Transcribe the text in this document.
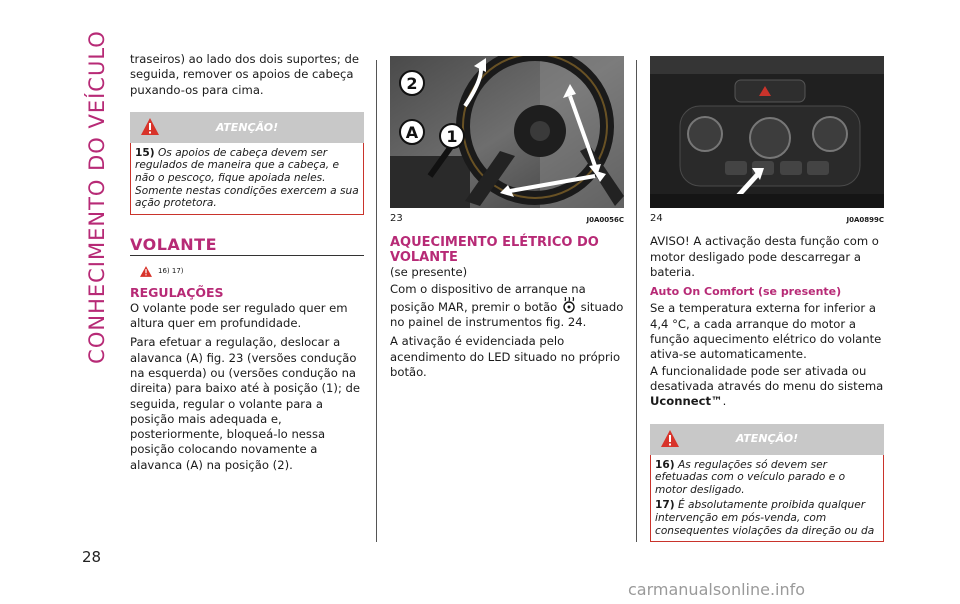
CONHECIMENTO DO VEÍCULO
28

traseiros) ao lado dos dois suportes; de seguida, remover os apoios de cabeça puxando-os para cima.

ATENÇÃO!
15) Os apoios de cabeça devem ser regulados de maneira que a cabeça, e não o pescoço, fique apoiada neles. Somente nestas condições exercem a sua ação protetora.
VOLANTE
16) 17)
REGULAÇÕES

O volante pode ser regulado quer em altura quer em profundidade.

Para efetuar a regulação, deslocar a alavanca (A) fig. 23 (versões condução na esquerda) ou (versões condução na direita) para baixo até à posição (1); de seguida, regular o volante para a posição mais adequada e, posteriormente, bloqueá-lo nessa posição colocando novamente a alavanca (A) na posição (2).

2
A 1
23	J0A0056C
AQUECIMENTO ELÉTRICO DO VOLANTE

(se presente)

Com o dispositivo de arranque na posição MAR, premir o botão situado no painel de instrumentos fig. 24.

A ativação é evidenciada pelo acendimento do LED situado no próprio botão.

24	J0A0899C

AVISO! A activação desta função com o motor desligado pode descarregar a bateria.

Auto On Comfort (se presente)

Se a temperatura externa for inferior a 4,4 °C, a cada arranque do motor a função aquecimento elétrico do volante ativa-se automaticamente.

A funcionalidade pode ser ativada ou desativada através do menu do sistema Uconnect™.

ATENÇÃO!
16) As regulações só devem ser efetuadas com o veículo parado e o motor desligado.
17) É absolutamente proibida qualquer intervenção em pós-venda, com consequentes violações da direção ou da
carmanualsonline.info
